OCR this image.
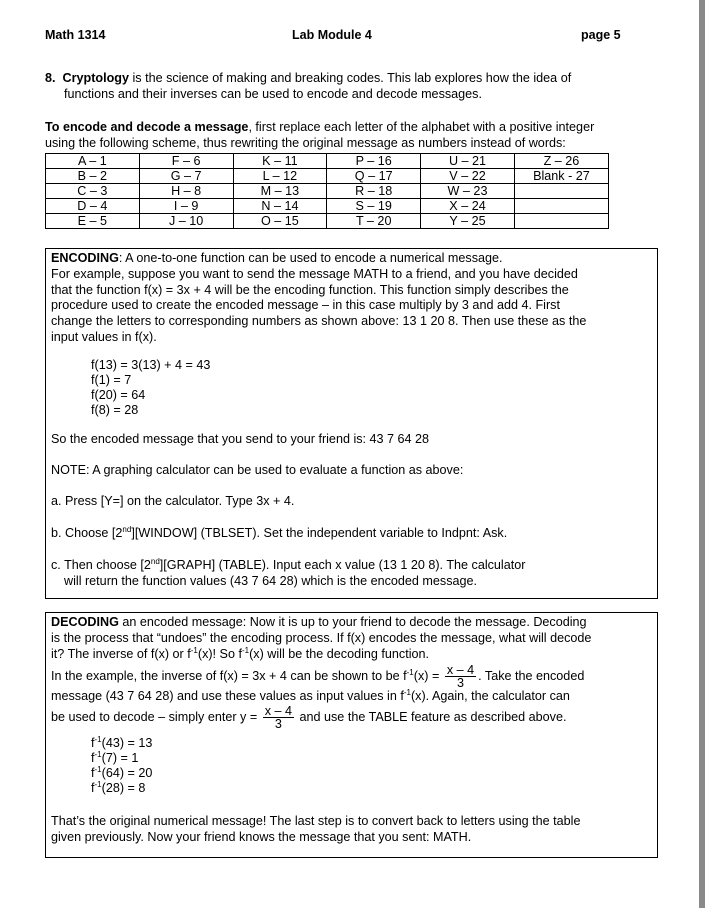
Math 1314	Lab Module 4	page 5
8. Cryptology is the science of making and breaking codes. This lab explores how the idea of
functions and their inverses can be used to encode and decode messages.
To encode and decode a message, first replace each letter of the alphabet with a positive integer
using the following scheme, thus rewriting the original message as numbers instead of words:
A – 1	F – 6	K – 11	P – 16	U – 21	Z – 26
B – 2	G – 7	L – 12	Q – 17	V – 22	Blank - 27
C – 3	H – 8	M – 13	R – 18	W – 23	
D – 4	I – 9	N – 14	S – 19	X – 24	
E – 5	J – 10	O – 15	T – 20	Y – 25	
ENCODING: A one-to-one function can be used to encode a numerical message.
For example, suppose you want to send the message MATH to a friend, and you have decided
that the function f(x) = 3x + 4 will be the encoding function. This function simply describes the
procedure used to create the encoded message – in this case multiply by 3 and add 4. First
change the letters to corresponding numbers as shown above: 13 1 20 8. Then use these as the
input values in f(x).
f(13) = 3(13) + 4 = 43
f(1) = 7
f(20) = 64
f(8) = 28
So the encoded message that you send to your friend is: 43 7 64 28
NOTE: A graphing calculator can be used to evaluate a function as above:
a. Press [Y=] on the calculator. Type 3x + 4.
b. Choose [2nd][WINDOW] (TBLSET). Set the independent variable to Indpnt: Ask.
c. Then choose [2nd][GRAPH] (TABLE). Input each x value (13 1 20 8). The calculator
will return the function values (43 7 64 28) which is the encoded message.
DECODING an encoded message: Now it is up to your friend to decode the message. Decoding
is the process that “undoes” the encoding process. If f(x) encodes the message, what will decode
it? The inverse of f(x) or $f^{-1}(x)$! So $f^{-1}(x)$ will be the decoding function.
In the example, the inverse of f(x) = 3x + 4 can be shown to be $f^{-1}(x) = \frac{x - 4}{3}$ . Take the encoded
message (43 7 64 28) and use these values as input values in $f^{-1}(x)$. Again, the calculator can
be used to decode – simply enter $y = \frac{x - 4}{3}$ and use the TABLE feature as described above.
$f^{-1}(43) = 13$
$f^{-1}(7) = 1$
$f^{-1}(64) = 20$
$f^{-1}(28) = 8$
That’s the original numerical message! The last step is to convert back to letters using the table
given previously. Now your friend knows the message that you sent: MATH.
